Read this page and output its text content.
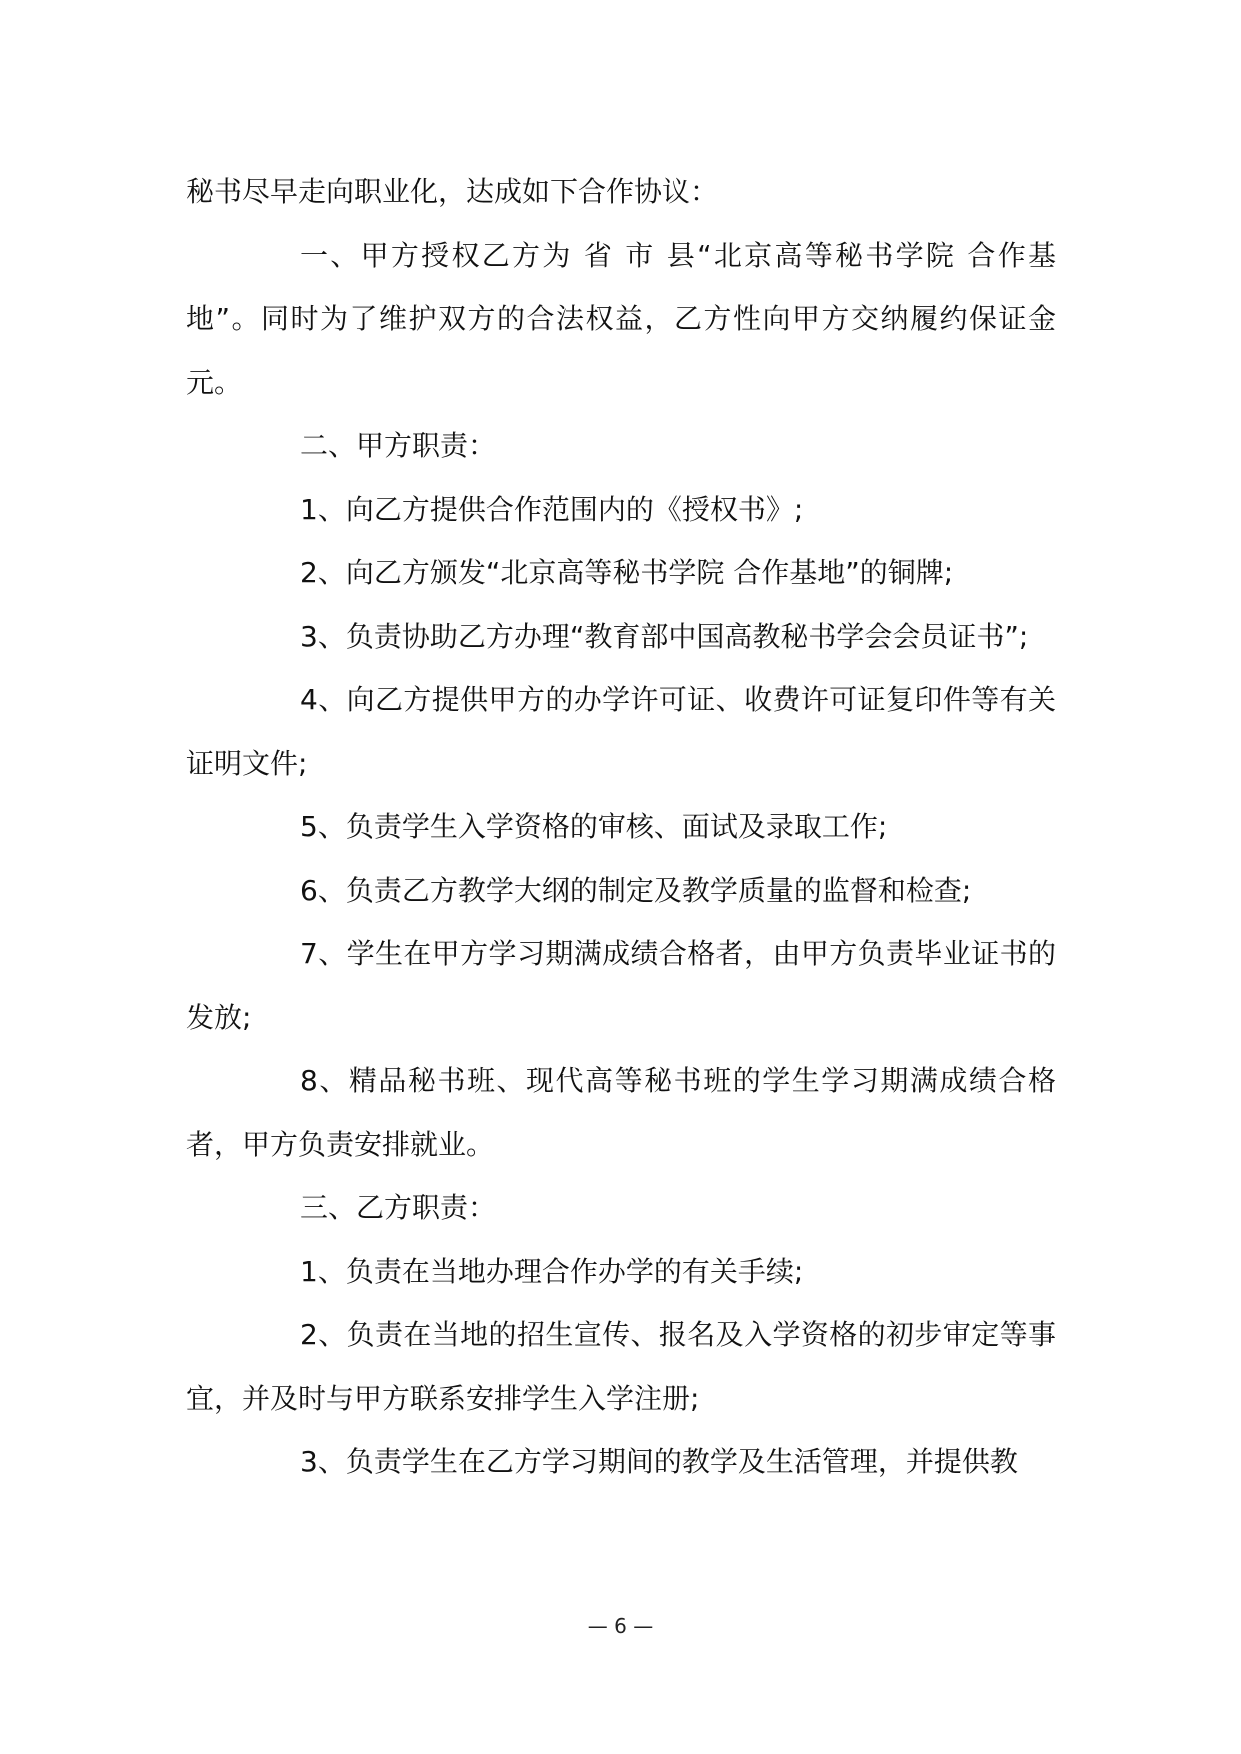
秘书尽早走向职业化，达成如下合作协议：

一、甲方授权乙方为 省 市 县“北京高等秘书学院 合作基地”。同时为了维护双方的合法权益，乙方性向甲方交纳履约保证金 元。

二、甲方职责：

1、向乙方提供合作范围内的《授权书》;

2、向乙方颁发“北京高等秘书学院 合作基地”的铜牌;

3、负责协助乙方办理“教育部中国高教秘书学会会员证书”;

4、向乙方提供甲方的办学许可证、收费许可证复印件等有关证明文件;

5、负责学生入学资格的审核、面试及录取工作;

6、负责乙方教学大纲的制定及教学质量的监督和检查;

7、学生在甲方学习期满成绩合格者，由甲方负责毕业证书的发放;

8、精品秘书班、现代高等秘书班的学生学习期满成绩合格者，甲方负责安排就业。

三、乙方职责：

1、负责在当地办理合作办学的有关手续;

2、负责在当地的招生宣传、报名及入学资格的初步审定等事宜，并及时与甲方联系安排学生入学注册;

3、负责学生在乙方学习期间的教学及生活管理，并提供教

— 6 —
